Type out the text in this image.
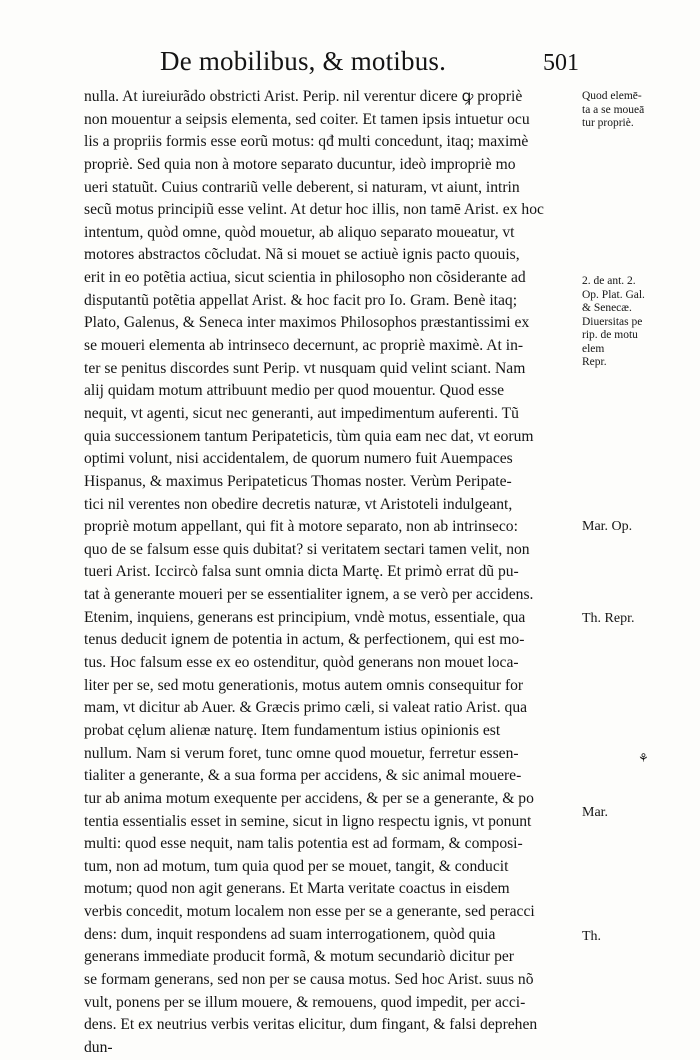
De mobilibus, & motibus.	501
nulla. At iureiurãdo obstricti Arist. Perip. nil verentur dicere ꝙ propriè
non mouentur a seipsis elementa, sed coiter. Et tamen ipsis intuetur ocu
lis a propriis formis esse eorũ motus: qđ multi concedunt, itaq; maximè
propriè. Sed quia non à motore separato ducuntur, ideò impropriè mo
ueri statuũt. Cuius contrariũ velle deberent, si naturam, vt aiunt, intrin
secũ motus principiũ esse velint. At detur hoc illis, non tamē Arist. ex hoc
intentum, quòd omne, quòd mouetur, ab aliquo separato moueatur, vt
motores abstractos cõcludat. Nã si mouet se actiuè ignis pacto quouis,
erit in eo potẽtia actiua, sicut scientia in philosopho non cõsiderante ad
disputantũ potẽtia appellat Arist. & hoc facit pro Io. Gram. Benè itaq;
Plato, Galenus, & Seneca inter maximos Philosophos præstantissimi ex
se moueri elementa ab intrinseco decernunt, ac propriè maximè. At in-
ter se penitus discordes sunt Perip. vt nusquam quid velint sciant. Nam
alij quidam motum attribuunt medio per quod mouentur. Quod esse
nequit, vt agenti, sicut nec generanti, aut impedimentum auferenti. Tũ
quia successionem tantum Peripateticis, tùm quia eam nec dat, vt eorum
optimi volunt, nisi accidentalem, de quorum numero fuit Auempaces
Hispanus, & maximus Peripateticus Thomas noster. Verùm Peripate-
tici nil verentes non obedire decretis naturæ, vt Aristoteli indulgeant,
propriè motum appellant, qui fit à motore separato, non ab intrinseco:
quo de se falsum esse quis dubitat? si veritatem sectari tamen velit, non
tueri Arist. Iccircò falsa sunt omnia dicta Martę. Et primò errat dũ pu-
tat à generante moueri per se essentialiter ignem, a se verò per accidens.
Etenim, inquiens, generans est principium, vndè motus, essentiale, qua
tenus deducit ignem de potentia in actum, & perfectionem, qui est mo-
tus. Hoc falsum esse ex eo ostenditur, quòd generans non mouet loca-
liter per se, sed motu generationis, motus autem omnis consequitur for
mam, vt dicitur ab Auer. & Græcis primo cæli, si valeat ratio Arist. qua
probat cęlum alienæ naturę. Item fundamentum istius opinionis est
nullum. Nam si verum foret, tunc omne quod mouetur, ferretur essen-
tialiter a generante, & a sua forma per accidens, & sic animal mouere-
tur ab anima motum exequente per accidens, & per se a generante, & po
tentia essentialis esset in semine, sicut in ligno respectu ignis, vt ponunt
multi: quod esse nequit, nam talis potentia est ad formam, & composi-
tum, non ad motum, tum quia quod per se mouet, tangit, & conducit
motum; quod non agit generans. Et Marta veritate coactus in eisdem
verbis concedit, motum localem non esse per se a generante, sed peracci
dens: dum, inquit respondens ad suam interrogationem, quòd quia
generans immediate producit formã, & motum secundariò dicitur per
se formam generans, sed non per se causa motus. Sed hoc Arist. suus nõ
vult, ponens per se illum mouere, & remouens, quod impedit, per acci-
dens. Et ex neutrius verbis veritas elicitur, dum fingant, & falsi deprehen
dun-
Quod elemē-
ta a se moueā
tur propriè.
2. de ant. 2.
Op. Plat. Gal.
& Senecæ.
Diuersitas pe
rip. de motu
elem
Repr.
Mar. Op.
Th. Repr.
Mar.
Th.
⚘
